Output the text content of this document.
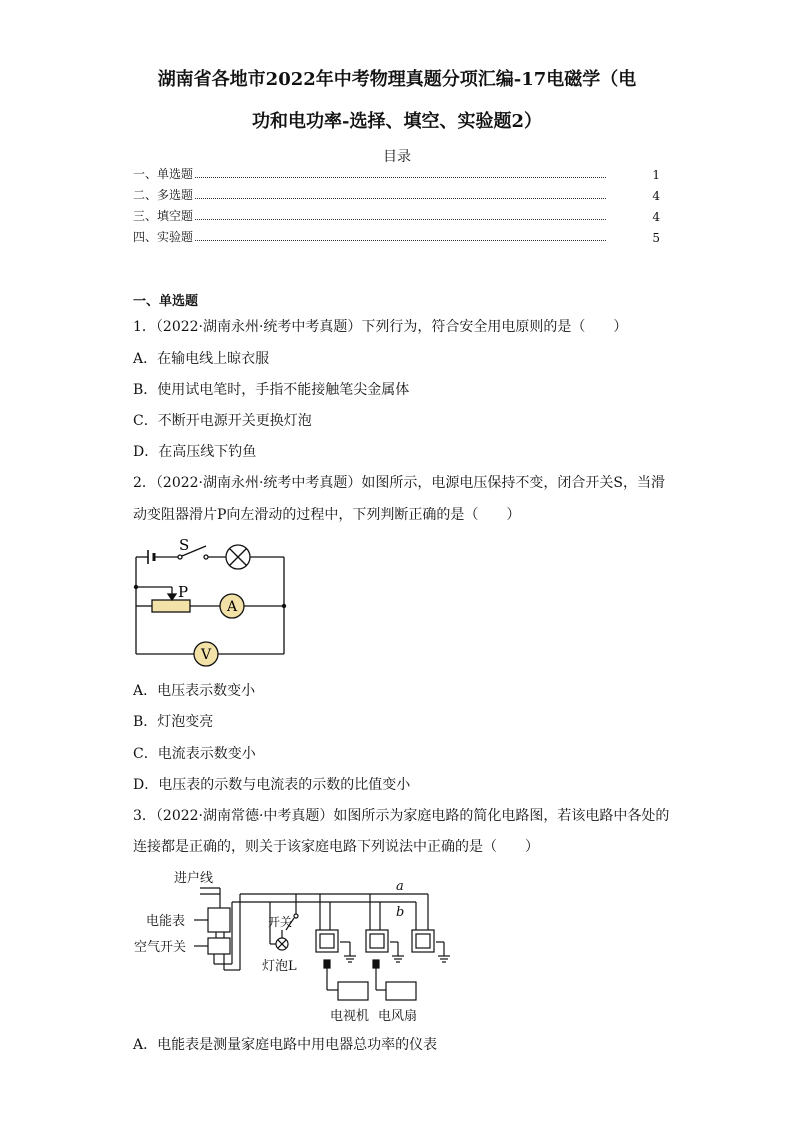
湖南省各地市2022年中考物理真题分项汇编-17电磁学（电
功和电功率-选择、填空、实验题2）
目录
一、单选题	1
二、多选题	4
三、填空题	4
四、实验题	5
一、单选题
1．（2022·湖南永州·统考中考真题）下列行为，符合安全用电原则的是（　　）
A．在输电线上晾衣服
B．使用试电笔时，手指不能接触笔尖金属体
C．不断开电源开关更换灯泡
D．在高压线下钓鱼
2．（2022·湖南永州·统考中考真题）如图所示，电源电压保持不变，闭合开关S，当滑
动变阻器滑片P向左滑动的过程中，下列判断正确的是（　　）
S
P
A
V
A．电压表示数变小
B．灯泡变亮
C．电流表示数变小
D．电压表的示数与电流表的示数的比值变小
3．（2022·湖南常德·中考真题）如图所示为家庭电路的简化电路图，若该电路中各处的
连接都是正确的，则关于该家庭电路下列说法中正确的是（　　）
进户线
电能表
空气开关
开关
灯泡L
电视机 电风扇
a
b
A．电能表是测量家庭电路中用电器总功率的仪表
